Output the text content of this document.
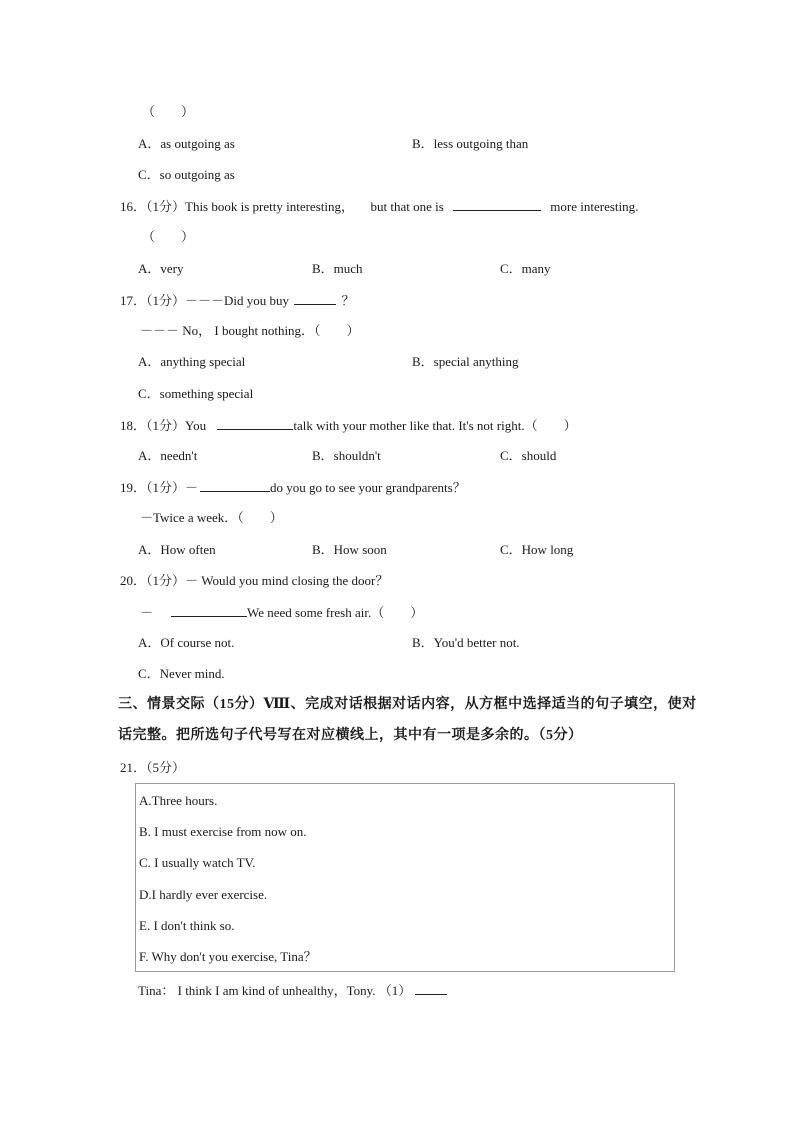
（　　）
A．as outgoing as	B．less outgoing than
C．so outgoing as
16．（1分）This book is pretty interesting， but that one is	more interesting.
（　　）
A．very	B．much	C．many
17．（1分）－－－Did you buy	？
－－－ No， I bought nothing．（　　）
A．anything special	B．special anything
C．something special
18．（1分）You	talk with your mother like that. It's not right.（　　）
A．needn't	B．shouldn't	C．should
19．（1分）－	do you go to see your grandparents？
－Twice a week．（　　）
A．How often	B．How soon	C．How long
20．（1分）－ Would you mind closing the door？
－	We need some fresh air.（　　）
A．Of course not.	B．You'd better not.
C．Never mind.
三、情景交际（15分）Ⅷ、完成对话根据对话内容，从方框中选择适当的句子填空，使对
话完整。把所选句子代号写在对应横线上，其中有一项是多余的。（5分）
21．（5分）
A.Three hours.
B. I must exercise from now on.
C. I usually watch TV.
D.I hardly ever exercise.
E. I don't think so.
F. Why don't you exercise, Tina？
Tina： I think I am kind of unhealthy，Tony. （1）
